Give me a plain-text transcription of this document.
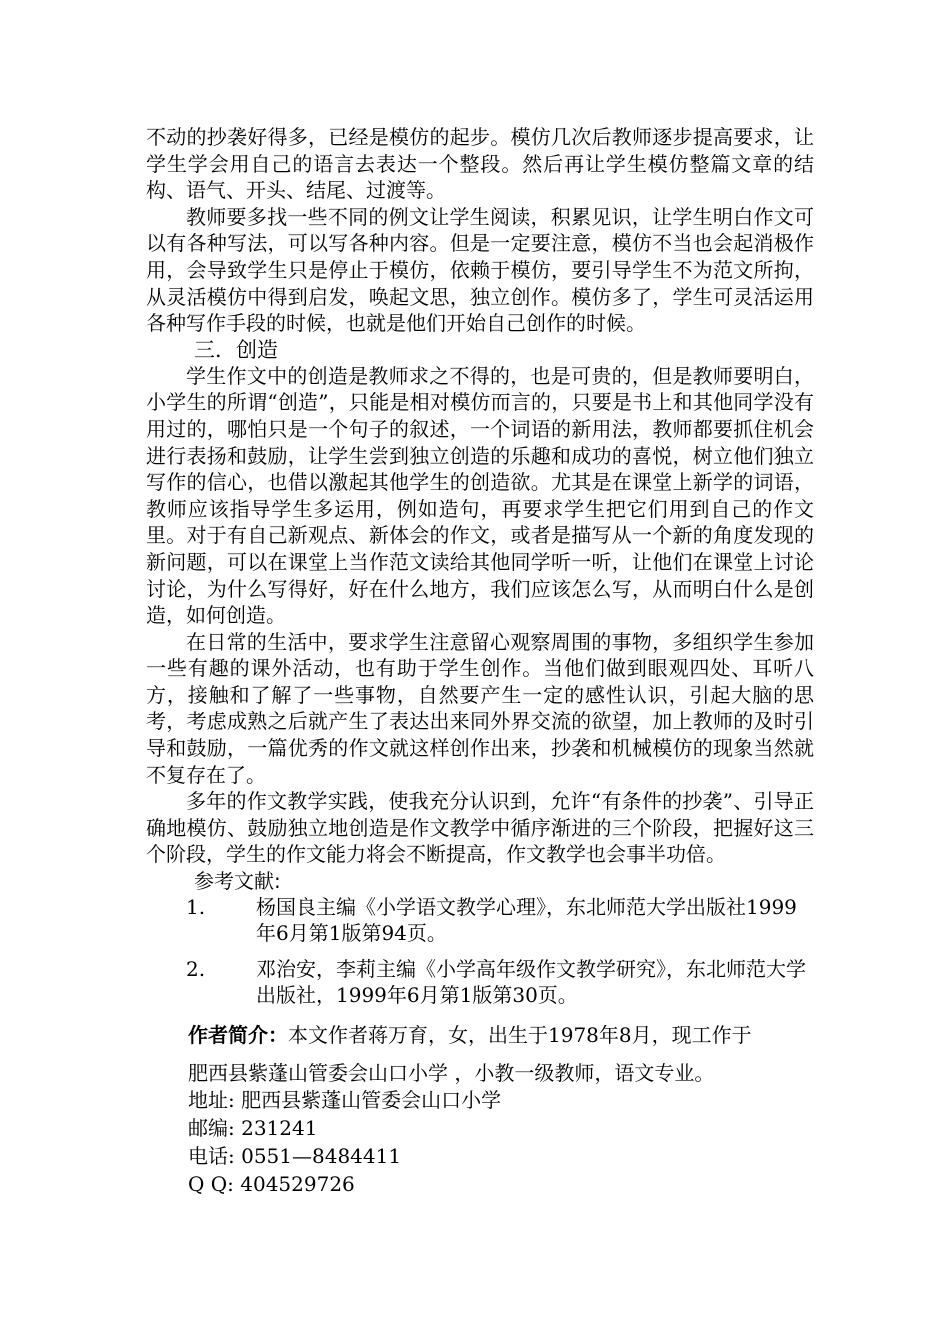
不动的抄袭好得多，已经是模仿的起步。模仿几次后教师逐步提高要求，让学生学会用自己的语言去表达一个整段。然后再让学生模仿整篇文章的结构、语气、开头、结尾、过渡等。

教师要多找一些不同的例文让学生阅读，积累见识，让学生明白作文可以有各种写法，可以写各种内容。但是一定要注意，模仿不当也会起消极作用，会导致学生只是停止于模仿，依赖于模仿，要引导学生不为范文所拘，从灵活模仿中得到启发，唤起文思，独立创作。模仿多了，学生可灵活运用各种写作手段的时候，也就是他们开始自己创作的时候。

三．创造

学生作文中的创造是教师求之不得的，也是可贵的，但是教师要明白，小学生的所谓“创造”，只能是相对模仿而言的，只要是书上和其他同学没有用过的，哪怕只是一个句子的叙述，一个词语的新用法，教师都要抓住机会进行表扬和鼓励，让学生尝到独立创造的乐趣和成功的喜悦，树立他们独立写作的信心，也借以激起其他学生的创造欲。尤其是在课堂上新学的词语，教师应该指导学生多运用，例如造句，再要求学生把它们用到自己的作文里。对于有自己新观点、新体会的作文，或者是描写从一个新的角度发现的新问题，可以在课堂上当作范文读给其他同学听一听，让他们在课堂上讨论讨论，为什么写得好，好在什么地方，我们应该怎么写，从而明白什么是创造，如何创造。

在日常的生活中，要求学生注意留心观察周围的事物，多组织学生参加一些有趣的课外活动，也有助于学生创作。当他们做到眼观四处、耳听八方，接触和了解了一些事物，自然要产生一定的感性认识，引起大脑的思考，考虑成熟之后就产生了表达出来同外界交流的欲望，加上教师的及时引导和鼓励，一篇优秀的作文就这样创作出来，抄袭和机械模仿的现象当然就不复存在了。

多年的作文教学实践，使我充分认识到，允许“有条件的抄袭”、引导正确地模仿、鼓励独立地创造是作文教学中循序渐进的三个阶段，把握好这三个阶段，学生的作文能力将会不断提高，作文教学也会事半功倍。

参考文献:

1.	杨国良主编《小学语文教学心理》，东北师范大学出版社1999年6月第1版第94页。
2.	邓治安，李莉主编《小学高年级作文教学研究》，东北师范大学出版社，1999年6月第1版第30页。
作者简介：本文作者蒋万育，女，出生于1978年8月，现工作于
肥西县紫蓬山管委会山口小学 ，小教一级教师，语文专业。

地址: 肥西县紫蓬山管委会山口小学

邮编: 231241

电话: 0551—8484411

Q Q: 404529726
